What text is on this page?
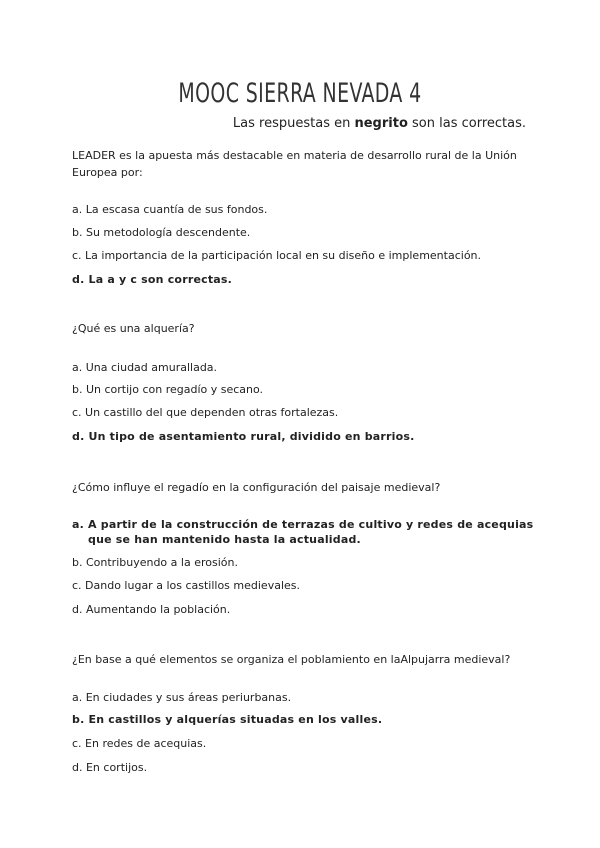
MOOC SIERRA NEVADA 4
Las respuestas en negrito son las correctas.
LEADER es la apuesta más destacable en materia de desarrollo rural de la Unión Europea por:
a. La escasa cuantía de sus fondos.
b. Su metodología descendente.
c. La importancia de la participación local en su diseño e implementación.
d. La a y c son correctas.
¿Qué es una alquería?
a. Una ciudad amurallada.
b. Un cortijo con regadío y secano.
c. Un castillo del que dependen otras fortalezas.
d. Un tipo de asentamiento rural, dividido en barrios.
¿Cómo influye el regadío en la configuración del paisaje medieval?
a. A partir de la construcción de terrazas de cultivo y redes de acequias que se han mantenido hasta la actualidad.
b. Contribuyendo a la erosión.
c. Dando lugar a los castillos medievales.
d. Aumentando la población.
¿En base a qué elementos se organiza el poblamiento en laAlpujarra medieval?
a. En ciudades y sus áreas periurbanas.
b. En castillos y alquerías situadas en los valles.
c. En redes de acequias.
d. En cortijos.
